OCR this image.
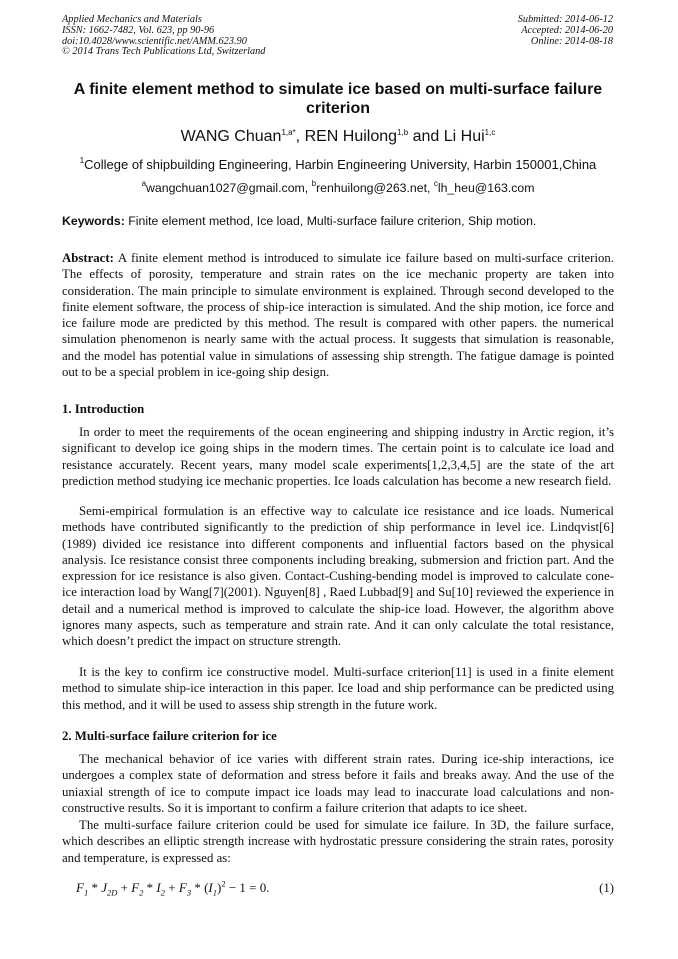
Applied Mechanics and Materials
ISSN: 1662-7482, Vol. 623, pp 90-96
doi:10.4028/www.scientific.net/AMM.623.90
© 2014 Trans Tech Publications Ltd, Switzerland
Submitted: 2014-06-12
Accepted: 2014-06-20
Online: 2014-08-18
A finite element method to simulate ice based on multi-surface failure criterion
WANG Chuan$^{1,a*}$, REN Huilong$^{1,b}$ and Li Hui$^{1,c}$
$^1$College of shipbuilding Engineering, Harbin Engineering University, Harbin 150001,China
$^a$wangchuan1027@gmail.com, $^b$renhuilong@263.net, $^c$lh_heu@163.com
Keywords: Finite element method, Ice load, Multi-surface failure criterion, Ship motion.
Abstract: A finite element method is introduced to simulate ice failure based on multi-surface criterion. The effects of porosity, temperature and strain rates on the ice mechanic property are taken into consideration. The main principle to simulate environment is explained. Through second developed to the finite element software, the process of ship-ice interaction is simulated. And the ship motion, ice force and ice failure mode are predicted by this method. The result is compared with other papers. the numerical simulation phenomenon is nearly same with the actual process. It suggests that simulation is reasonable, and the model has potential value in simulations of assessing ship strength. The fatigue damage is pointed out to be a special problem in ice-going ship design.
1. Introduction
In order to meet the requirements of the ocean engineering and shipping industry in Arctic region, it’s significant to develop ice going ships in the modern times. The certain point is to calculate ice load and resistance accurately. Recent years, many model scale experiments[1,2,3,4,5] are the state of the art prediction method studying ice mechanic properties. Ice loads calculation has become a new research field.
Semi-empirical formulation is an effective way to calculate ice resistance and ice loads. Numerical methods have contributed significantly to the prediction of ship performance in level ice. Lindqvist[6](1989) divided ice resistance into different components and influential factors based on the physical analysis. Ice resistance consist three components including breaking, submersion and friction part. And the expression for ice resistance is also given. Contact-Cushing-bending model is improved to calculate cone-ice interaction load by Wang[7](2001). Nguyen[8] , Raed Lubbad[9] and Su[10] reviewed the experience in detail and a numerical method is improved to calculate the ship-ice load. However, the algorithm above ignores many aspects, such as temperature and strain rate. And it can only calculate the total resistance, which doesn’t predict the impact on structure strength.
It is the key to confirm ice constructive model. Multi-surface criterion[11] is used in a finite element method to simulate ship-ice interaction in this paper. Ice load and ship performance can be predicted using this method, and it will be used to assess ship strength in the future work.
2. Multi-surface failure criterion for ice
The mechanical behavior of ice varies with different strain rates. During ice-ship interactions, ice undergoes a complex state of deformation and stress before it fails and breaks away. And the use of the uniaxial strength of ice to compute impact ice loads may lead to inaccurate load calculations and non-constructive results. So it is important to confirm a failure criterion that adapts to ice sheet.
The multi-surface failure criterion could be used for simulate ice failure. In 3D, the failure surface, which describes an elliptic strength increase with hydrostatic pressure considering the strain rates, porosity and temperature, is expressed as:
$F_1 * J_{2D} + F_2 * I_2 + F_3 * (I_1)^2 - 1 = 0$.	(1)
